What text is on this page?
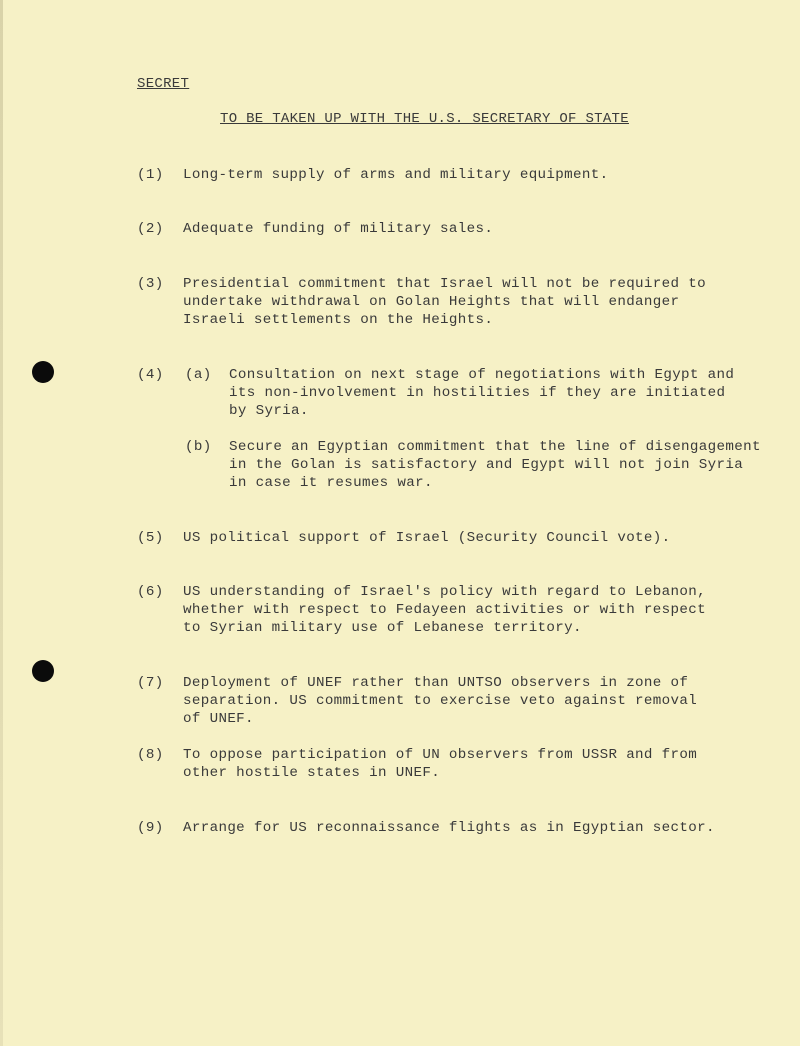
SECRET
TO BE TAKEN UP WITH THE U.S. SECRETARY OF STATE
(1) Long-term supply of arms and military equipment.
(2) Adequate funding of military sales.
(3) Presidential commitment that Israel will not be required to
undertake withdrawal on Golan Heights that will endanger
Israeli settlements on the Heights.
(4) (a) Consultation on next stage of negotiations with Egypt and
its non-involvement in hostilities if they are initiated
by Syria.
(b) Secure an Egyptian commitment that the line of disengagement
in the Golan is satisfactory and Egypt will not join Syria
in case it resumes war.
(5) US political support of Israel (Security Council vote).
(6) US understanding of Israel's policy with regard to Lebanon,
whether with respect to Fedayeen activities or with respect
to Syrian military use of Lebanese territory.
(7) Deployment of UNEF rather than UNTSO observers in zone of
separation. US commitment to exercise veto against removal
of UNEF.
(8) To oppose participation of UN observers from USSR and from
other hostile states in UNEF.
(9) Arrange for US reconnaissance flights as in Egyptian sector.
